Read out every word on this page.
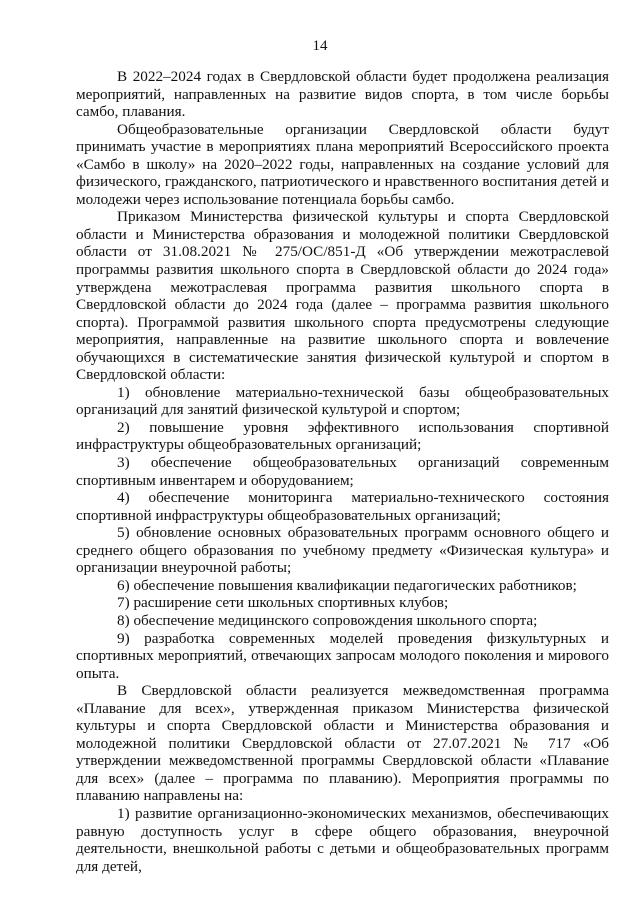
14

В 2022–2024 годах в Свердловской области будет продолжена реализация мероприятий, направленных на развитие видов спорта, в том числе борьбы самбо, плавания.

Общеобразовательные организации Свердловской области будут принимать участие в мероприятиях плана мероприятий Всероссийского проекта «Самбо в школу» на 2020–2022 годы, направленных на создание условий для физического, гражданского, патриотического и нравственного воспитания детей и молодежи через использование потенциала борьбы самбо.

Приказом Министерства физической культуры и спорта Свердловской области и Министерства образования и молодежной политики Свердловской области от 31.08.2021 № 275/ОС/851-Д «Об утверждении межотраслевой программы развития школьного спорта в Свердловской области до 2024 года» утверждена межотраслевая программа развития школьного спорта в Свердловской области до 2024 года (далее – программа развития школьного спорта). Программой развития школьного спорта предусмотрены следующие мероприятия, направленные на развитие школьного спорта и вовлечение обучающихся в систематические занятия физической культурой и спортом в Свердловской области:

1) обновление материально-технической базы общеобразовательных организаций для занятий физической культурой и спортом;

2) повышение уровня эффективного использования спортивной инфраструктуры общеобразовательных организаций;

3) обеспечение общеобразовательных организаций современным спортивным инвентарем и оборудованием;

4) обеспечение мониторинга материально-технического состояния спортивной инфраструктуры общеобразовательных организаций;

5) обновление основных образовательных программ основного общего и среднего общего образования по учебному предмету «Физическая культура» и организации внеурочной работы;

6) обеспечение повышения квалификации педагогических работников;

7) расширение сети школьных спортивных клубов;

8) обеспечение медицинского сопровождения школьного спорта;

9) разработка современных моделей проведения физкультурных и спортивных мероприятий, отвечающих запросам молодого поколения и мирового опыта.

В Свердловской области реализуется межведомственная программа «Плавание для всех», утвержденная приказом Министерства физической культуры и спорта Свердловской области и Министерства образования и молодежной политики Свердловской области от 27.07.2021 № 717 «Об утверждении межведомственной программы Свердловской области «Плавание для всех» (далее – программа по плаванию). Мероприятия программы по плаванию направлены на:

1) развитие организационно-экономических механизмов, обеспечивающих равную доступность услуг в сфере общего образования, внеурочной деятельности, внешкольной работы с детьми и общеобразовательных программ для детей,
